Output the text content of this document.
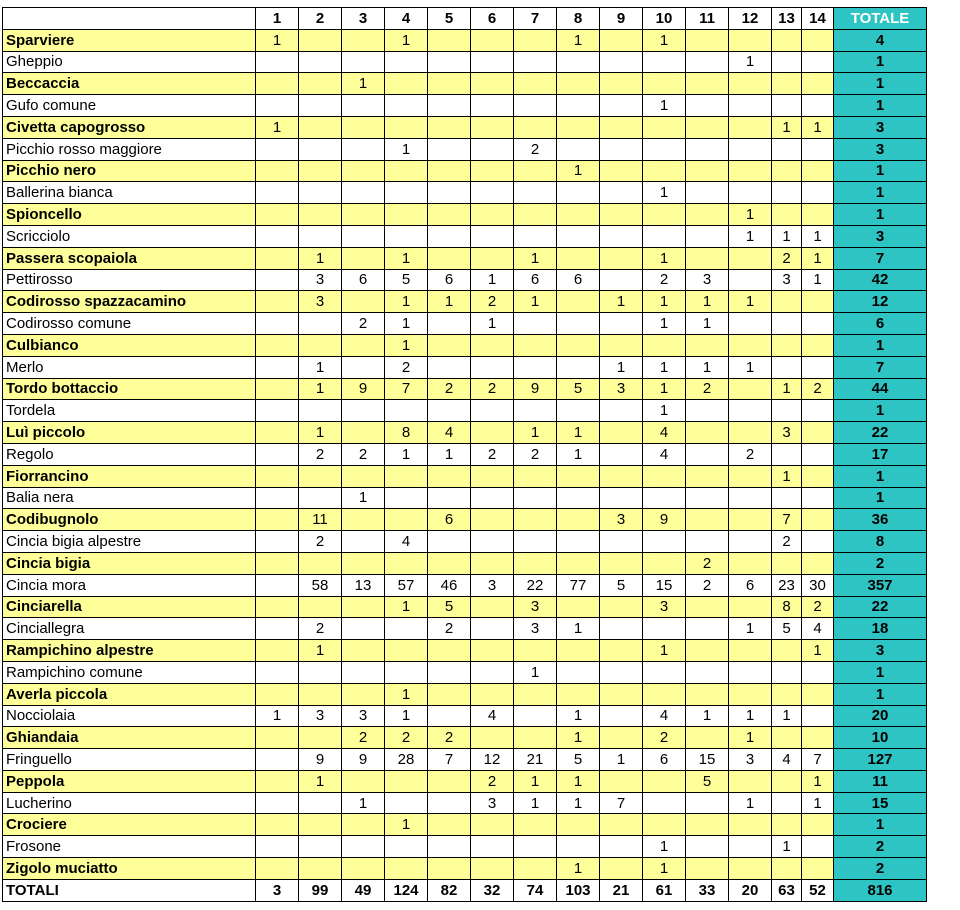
	1	2	3	4	5	6	7	8	9	10	11	12	13	14	TOTALE
Sparviere	1			1				1		1					4
Gheppio												1			1
Beccaccia			1												1
Gufo comune										1					1
Civetta capogrosso	1												1	1	3
Picchio rosso maggiore				1			2								3
Picchio nero								1							1
Ballerina bianca										1					1
Spioncello												1			1
Scricciolo												1	1	1	3
Passera scopaiola		1		1			1			1			2	1	7
Pettirosso		3	6	5	6	1	6	6		2	3		3	1	42
Codirosso spazzacamino		3		1	1	2	1		1	1	1	1			12
Codirosso comune			2	1		1				1	1				6
Culbianco				1											1
Merlo		1		2					1	1	1	1			7
Tordo bottaccio		1	9	7	2	2	9	5	3	1	2		1	2	44
Tordela										1					1
Luì piccolo		1		8	4		1	1		4			3		22
Regolo		2	2	1	1	2	2	1		4		2			17
Fiorrancino													1		1
Balia nera			1												1
Codibugnolo		11			6				3	9			7		36
Cincia bigia alpestre		2		4									2		8
Cincia bigia											2				2
Cincia mora		58	13	57	46	3	22	77	5	15	2	6	23	30	357
Cinciarella				1	5		3			3			8	2	22
Cinciallegra		2			2		3	1				1	5	4	18
Rampichino alpestre		1								1				1	3
Rampichino comune							1								1
Averla piccola				1											1
Nocciolaia	1	3	3	1		4		1		4	1	1	1		20
Ghiandaia			2	2	2			1		2		1			10
Fringuello		9	9	28	7	12	21	5	1	6	15	3	4	7	127
Peppola		1				2	1	1			5			1	11
Lucherino			1			3	1	1	7			1		1	15
Crociere				1											1
Frosone										1			1		2
Zigolo muciatto								1		1					2
TOTALI	3	99	49	124	82	32	74	103	21	61	33	20	63	52	816
